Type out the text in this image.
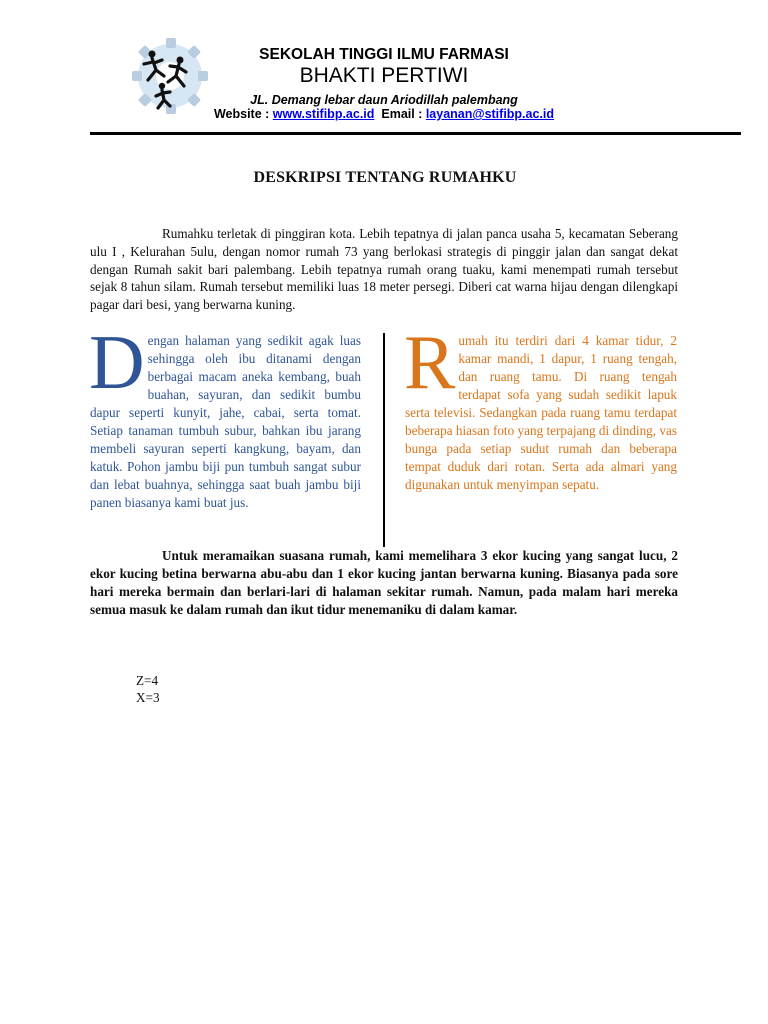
SEKOLAH TINGGI ILMU FARMASI
BHAKTI PERTIWI
JL. Demang lebar daun Ariodillah palembang
Website : www.stifibp.ac.id  Email : layanan@stifibp.ac.id
DESKRIPSI TENTANG RUMAHKU

Rumahku terletak di pinggiran kota. Lebih tepatnya di jalan panca usaha 5, kecamatan Seberang ulu I , Kelurahan 5ulu, dengan nomor rumah 73 yang berlokasi strategis di pinggir jalan dan sangat dekat dengan Rumah sakit bari palembang. Lebih tepatnya rumah orang tuaku, kami menempati rumah tersebut sejak 8 tahun silam. Rumah tersebut memiliki luas 18 meter persegi. Diberi cat warna hijau dengan dilengkapi pagar dari besi, yang berwarna kuning.

Dengan halaman yang sedikit agak luas sehingga oleh ibu ditanami dengan berbagai macam aneka kembang, buah buahan, sayuran, dan sedikit bumbu dapur seperti kunyit, jahe, cabai, serta tomat. Setiap tanaman tumbuh subur, bahkan ibu jarang membeli sayuran seperti kangkung, bayam, dan katuk. Pohon jambu biji pun tumbuh sangat subur dan lebat buahnya, sehingga saat buah jambu biji panen biasanya kami buat jus.

Rumah itu terdiri dari 4 kamar tidur, 2 kamar mandi, 1 dapur, 1 ruang tengah, dan ruang tamu. Di ruang tengah terdapat sofa yang sudah sedikit lapuk serta televisi. Sedangkan pada ruang tamu terdapat beberapa hiasan foto yang terpajang di dinding, vas bunga pada setiap sudut rumah dan beberapa tempat duduk dari rotan. Serta ada almari yang digunakan untuk menyimpan sepatu.

Untuk meramaikan suasana rumah, kami memelihara 3 ekor kucing yang sangat lucu, 2 ekor kucing betina berwarna abu-abu dan 1 ekor kucing jantan berwarna kuning. Biasanya pada sore hari mereka bermain dan berlari-lari di halaman sekitar rumah. Namun, pada malam hari mereka semua masuk ke dalam rumah dan ikut tidur menemaniku di dalam kamar.

Z=4
X=3
